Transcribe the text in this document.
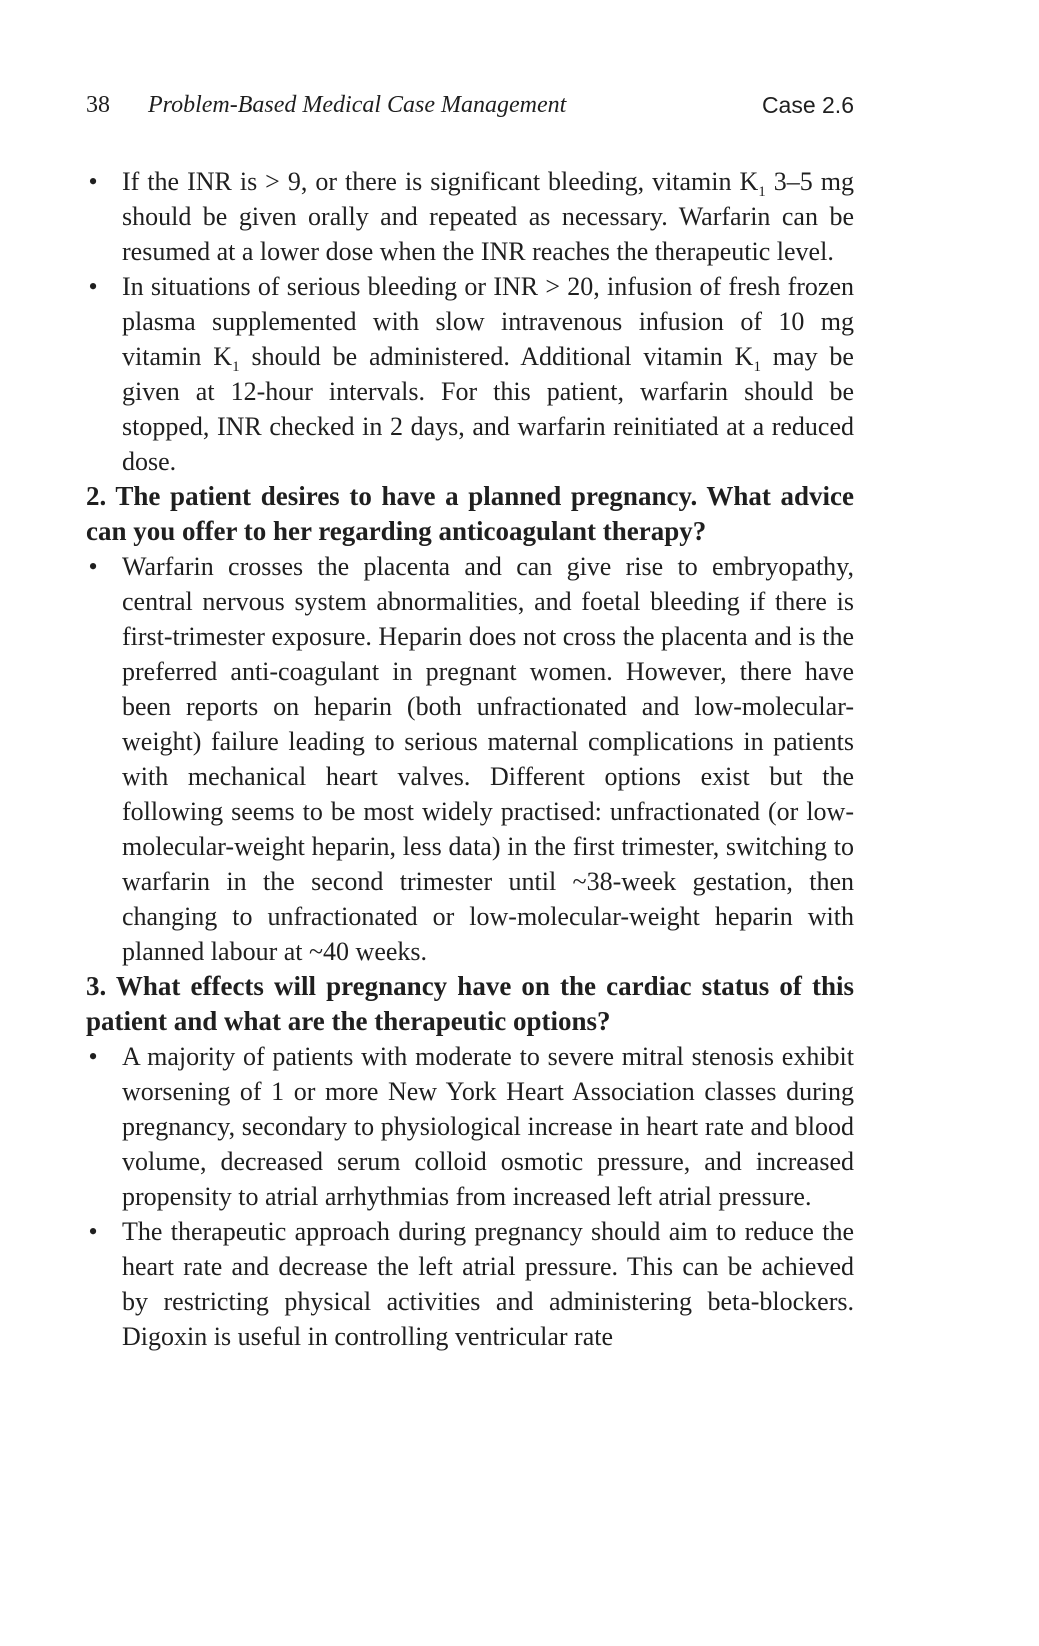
38 Problem-Based Medical Case Management	Case 2.6

• If the INR is > 9, or there is significant bleeding, vitamin $K_1$ 3–5 mg should be given orally and repeated as necessary. Warfarin can be resumed at a lower dose when the INR reaches the therapeutic level.

• In situations of serious bleeding or INR > 20, infusion of fresh frozen plasma supplemented with slow intravenous infusion of 10 mg vitamin $K_1$ should be administered. Additional vitamin $K_1$ may be given at 12-hour intervals. For this patient, warfarin should be stopped, INR checked in 2 days, and warfarin reinitiated at a reduced dose.

2. The patient desires to have a planned pregnancy. What advice can you offer to her regarding anticoagulant therapy?

• Warfarin crosses the placenta and can give rise to embryopathy, central nervous system abnormalities, and foetal bleeding if there is first-trimester exposure. Heparin does not cross the placenta and is the preferred anti-coagulant in pregnant women. However, there have been reports on heparin (both unfractionated and low-molecular-weight) failure leading to serious maternal complications in patients with mechanical heart valves. Different options exist but the following seems to be most widely practised: unfractionated (or low-molecular-weight heparin, less data) in the first trimester, switching to warfarin in the second trimester until ~38-week gestation, then changing to unfractionated or low-molecular-weight heparin with planned labour at ~40 weeks.

3. What effects will pregnancy have on the cardiac status of this patient and what are the therapeutic options?

• A majority of patients with moderate to severe mitral stenosis exhibit worsening of 1 or more New York Heart Association classes during pregnancy, secondary to physiological increase in heart rate and blood volume, decreased serum colloid osmotic pressure, and increased propensity to atrial arrhythmias from increased left atrial pressure.

• The therapeutic approach during pregnancy should aim to reduce the heart rate and decrease the left atrial pressure. This can be achieved by restricting physical activities and administering beta-blockers. Digoxin is useful in controlling ventricular rate
